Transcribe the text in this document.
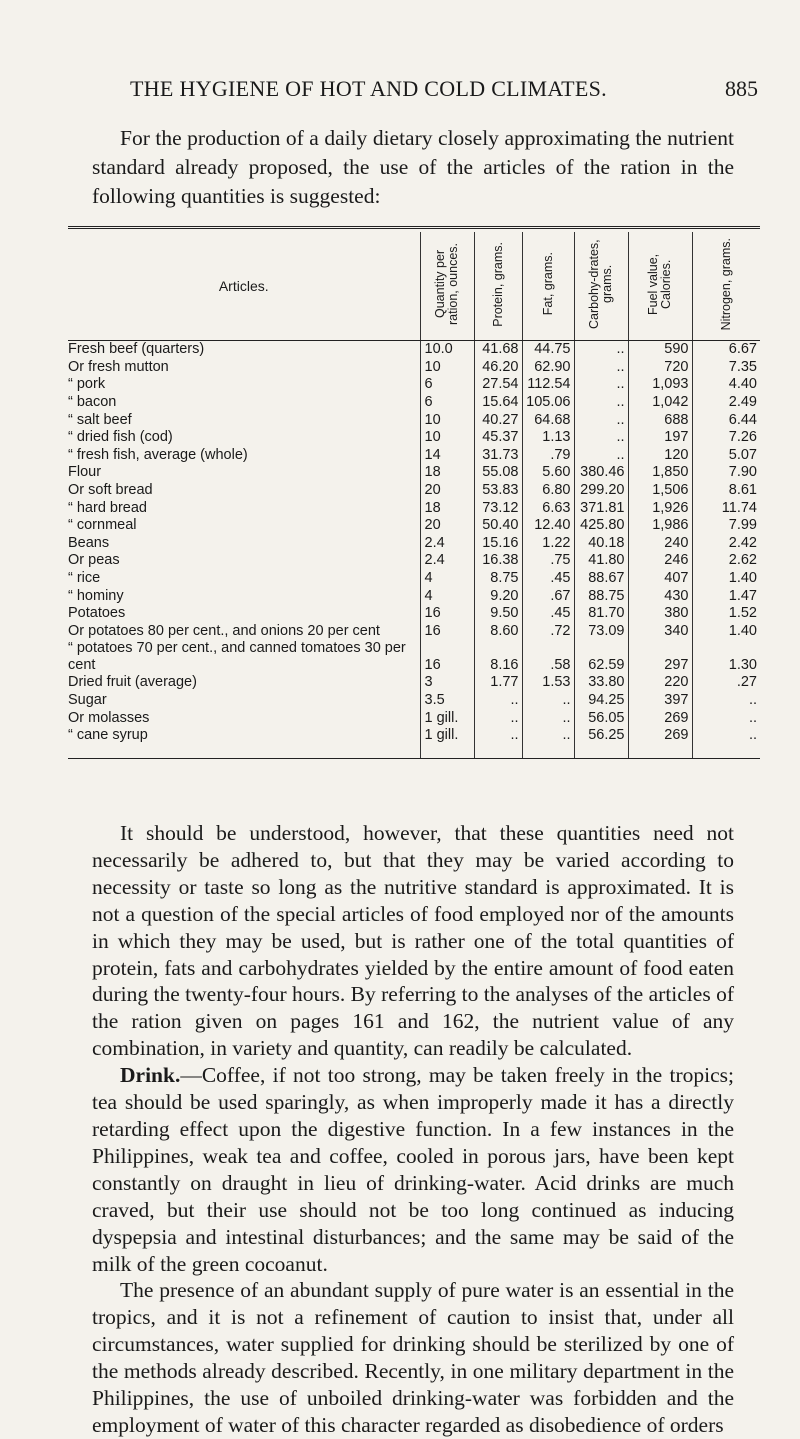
THE HYGIENE OF HOT AND COLD CLIMATES.	885

For the production of a daily dietary closely approximating the nutrient standard already proposed, the use of the articles of the ration in the following quantities is suggested:

Articles.	Quantity per ration, ounces.	Protein, grams.	Fat, grams.	Carbohy-drates, grams.	Fuel value, Calories.	Nitrogen, grams.
Fresh beef (quarters)	10.0	41.68	44.75	..	590	6.67
Or fresh mutton	10	46.20	62.90	..	720	7.35
“ pork	6	27.54	112.54	..	1,093	4.40
“ bacon	6	15.64	105.06	..	1,042	2.49
“ salt beef	10	40.27	64.68	..	688	6.44
“ dried fish (cod)	10	45.37	1.13	..	197	7.26
“ fresh fish, average (whole)	14	31.73	.79	..	120	5.07
Flour	18	55.08	5.60	380.46	1,850	7.90
Or soft bread	20	53.83	6.80	299.20	1,506	8.61
“ hard bread	18	73.12	6.63	371.81	1,926	11.74
“ cornmeal	20	50.40	12.40	425.80	1,986	7.99
Beans	2.4	15.16	1.22	40.18	240	2.42
Or peas	2.4	16.38	.75	41.80	246	2.62
“ rice	4	8.75	.45	88.67	407	1.40
“ hominy	4	9.20	.67	88.75	430	1.47
Potatoes	16	9.50	.45	81.70	380	1.52
Or potatoes 80 per cent., and onions 20 per cent	16	8.60	.72	73.09	340	1.40
“ potatoes 70 per cent., and canned tomatoes 30 per cent	16	8.16	.58	62.59	297	1.30
Dried fruit (average)	3	1.77	1.53	33.80	220	.27
Sugar	3.5	..	..	94.25	397	..
Or molasses	1 gill.	..	..	56.05	269	..
“ cane syrup	1 gill.	..	..	56.25	269	..

It should be understood, however, that these quantities need not necessarily be adhered to, but that they may be varied according to necessity or taste so long as the nutritive standard is approximated. It is not a question of the special articles of food employed nor of the amounts in which they may be used, but is rather one of the total quantities of protein, fats and carbohydrates yielded by the entire amount of food eaten during the twenty-four hours. By referring to the analyses of the articles of the ration given on pages 161 and 162, the nutrient value of any combination, in variety and quantity, can readily be calculated.

Drink.—Coffee, if not too strong, may be taken freely in the tropics; tea should be used sparingly, as when improperly made it has a directly retarding effect upon the digestive function. In a few instances in the Philippines, weak tea and coffee, cooled in porous jars, have been kept constantly on draught in lieu of drinking-water. Acid drinks are much craved, but their use should not be too long continued as inducing dyspepsia and intestinal disturbances; and the same may be said of the milk of the green cocoanut.

The presence of an abundant supply of pure water is an essential in the tropics, and it is not a refinement of caution to insist that, under all circumstances, water supplied for drinking should be sterilized by one of the methods already described. Recently, in one military department in the Philippines, the use of unboiled drinking-water was forbidden and the employment of water of this character regarded as disobedience of orders
